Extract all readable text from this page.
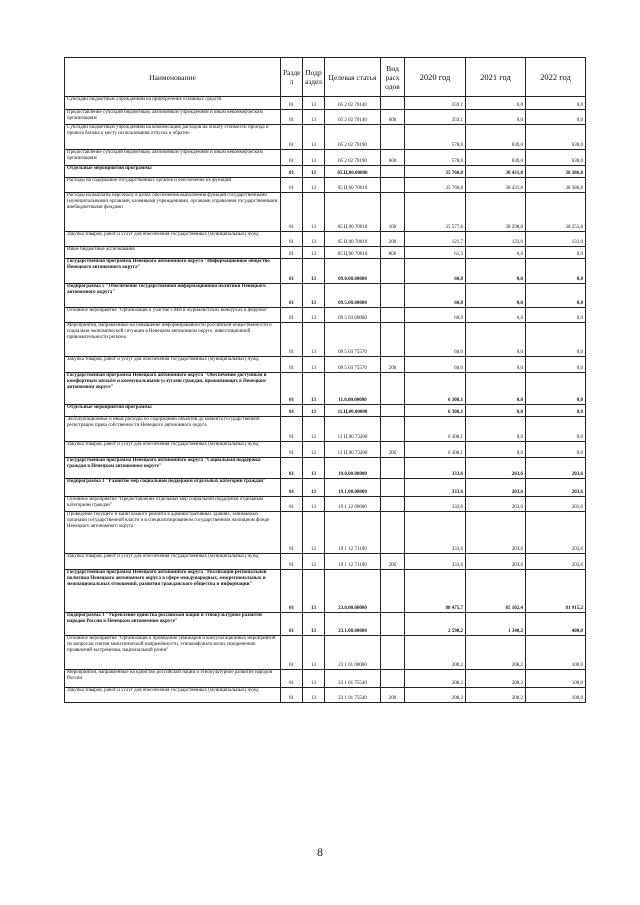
Наименование	Разде л	Подр аздел	Целевая статья	Вид расх одов	2020 год	2021 год	2022 год
Субсидии бюджетным учреждениям на приобретение основных средств	01	13	05 2 02 70140		359,1	0,0	0,0
Предоставление субсидий бюджетным, автономным учреждениям и иным некоммерческим организациям	01	13	05 2 02 70140	600	359,1	0,0	0,0
Субсидии бюджетным учреждениям на компенсацию расходов на оплату стоимости проезда и провоза багажа к месту использования отпуска и обратно	01	13	05 2 02 70190		578,0	630,0	630,0
Предоставление субсидий бюджетным, автономным учреждениям и иным некоммерческим организациям	01	13	05 2 02 70190	600	578,0	630,0	630,0
Отдельные мероприятия программы	01	13	05.Ц.00.00000		35 760,8	38 431,8	38 386,8
Расходы на содержание государственных органов и обеспечение их функций	01	13	05 Ц 00 70010		35 760,8	38 431,8	38 386,8
Расходы на выплаты персоналу в целях обеспечения выполнения функций государственными (муниципальными) органами, казенными учреждениями, органами управления государственными внебюджетными фондами	01	13	05 Ц 00 70010	100	35 577,6	38 298,8	38 253,8
Закупка товаров, работ и услуг для обеспечения государственных (муниципальных) нужд	01	13	05 Ц 00 70010	200	121,7	133,0	133,0
Иные бюджетные ассигнования	01	13	05 Ц 00 70010	800	61,5	0,0	0,0
Государственная программа Ненецкого автономного округа "Информационное общество Ненецкого автономного округа"	01	13	09.0.00.00000		60,0	0,0	0,0
Подпрограмма 5 "Обеспечение государственной информационной политики Ненецкого автономного округа"	01	13	09.5.00.00000		60,0	0,0	0,0
Основное мероприятие "Организация и участие СМИ в журналистских конкурсах и форумах"	01	13	09 5 03 00000		60,0	0,0	0,0
Мероприятия, направленные на повышение информированности российской общественности о социально-экономической ситуации в Ненецком автономном округе, инвестиционной привлекательности региона	01	13	09 5 03 75570		60,0	0,0	0,0
Закупка товаров, работ и услуг для обеспечения государственных (муниципальных) нужд	01	13	09 5 03 75570	200	60,0	0,0	0,0
Государственная программа Ненецкого автономного округа "Обеспечение доступным и комфортным жильём и коммунальными услугами граждан, проживающих в Ненецком автономном округе"	01	13	11.0.00.00000		6 308,1	0,0	0,0
Отдельные мероприятия программы	01	13	11.Ц.00.00000		6 308,1	0,0	0,0
Эксплуатационные и иные расходы по содержанию объектов до момента государственной регистрации права собственности Ненецкого автономного округа	01	13	11 Ц 00 73200		6 308,1	0,0	0,0
Закупка товаров, работ и услуг для обеспечения государственных (муниципальных) нужд	01	13	11 Ц 00 73200	200	6 308,1	0,0	0,0
Государственная программа Ненецкого автономного округа "Социальная поддержка граждан в Ненецком автономном округе"	01	13	19.0.00.00000		333,6	203,6	203,6
Подпрограмма 1 "Развитие мер социальной поддержки отдельных категорий граждан"	01	13	19.1.00.00000		333,6	203,6	203,6
Основное мероприятие "Предоставление отдельных мер социальной поддержки отдельным категориям граждан"	01	13	19 1 12 00000		333,6	203,6	203,6
Проведение текущего и капитального ремонта в административных зданиях, занимаемых органами государственной власти и в специализированном государственном жилищном фонде Ненецкого автономного округа	01	13	19 1 12 71190		333,6	203,6	203,6
Закупка товаров, работ и услуг для обеспечения государственных (муниципальных) нужд	01	13	19 1 12 71190	200	333,6	203,6	203,6
Государственная программа Ненецкого автономного округа "Реализация региональной политики Ненецкого автономного округа в сфере международных, межрегиональных и межнациональных отношений, развития гражданского общества и информации"	01	13	23.0.00.00000		88 475,7	85 102,4	81 915,2
Подпрограмма 1 "Укрепление единства российской нации и этнокультурное развитие народов России в Ненецком автономном округе"	01	13	23.1.00.00000		2 590,2	1 340,2	400,0
Основное мероприятие "Организация и проведение семинаров и консультационных мероприятий по вопросам снятия межэтнической напряжённости, этноконфликтологии, искоренению проявлений экстремизма, национальной розни"	01	13	23 1 01 00000		208,2	208,2	100,0
Мероприятия, направленные на единство российской нации и этнокультурное развитие народов России	01	13	23 1 01 75540		208,2	208,2	100,0
Закупка товаров, работ и услуг для обеспечения государственных (муниципальных) нужд	01	13	23 1 01 75540	200	208,2	208,2	100,0
8
